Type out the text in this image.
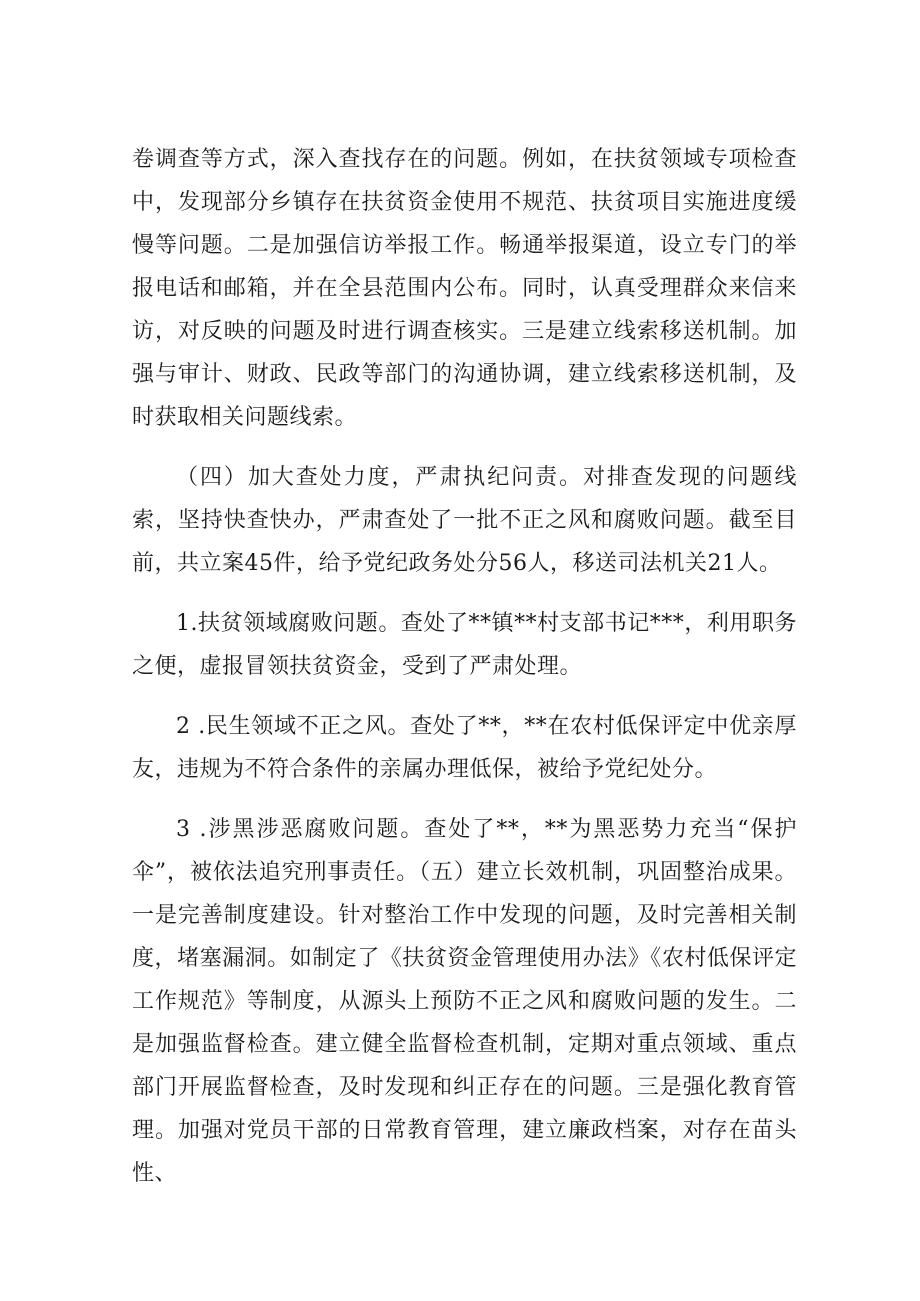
卷调查等方式，深入查找存在的问题。例如，在扶贫领域专项检查中，发现部分乡镇存在扶贫资金使用不规范、扶贫项目实施进度缓慢等问题。二是加强信访举报工作。畅通举报渠道，设立专门的举报电话和邮箱，并在全县范围内公布。同时，认真受理群众来信来访，对反映的问题及时进行调查核实。三是建立线索移送机制。加强与审计、财政、民政等部门的沟通协调，建立线索移送机制，及时获取相关问题线索。

（四）加大查处力度，严肃执纪问责。对排查发现的问题线索，坚持快查快办，严肃查处了一批不正之风和腐败问题。截至目前，共立案45件，给予党纪政务处分56人，移送司法机关21人。

1.扶贫领域腐败问题。查处了**镇**村支部书记***，利用职务之便，虚报冒领扶贫资金，受到了严肃处理。

2 .民生领域不正之风。查处了**，**在农村低保评定中优亲厚友，违规为不符合条件的亲属办理低保，被给予党纪处分。

3 .涉黑涉恶腐败问题。查处了**，**为黑恶势力充当“保护伞”，被依法追究刑事责任。（五）建立长效机制，巩固整治成果。一是完善制度建设。针对整治工作中发现的问题，及时完善相关制度，堵塞漏洞。如制定了《扶贫资金管理使用办法》《农村低保评定工作规范》等制度，从源头上预防不正之风和腐败问题的发生。二是加强监督检查。建立健全监督检查机制，定期对重点领域、重点部门开展监督检查，及时发现和纠正存在的问题。三是强化教育管理。加强对党员干部的日常教育管理，建立廉政档案，对存在苗头性、
